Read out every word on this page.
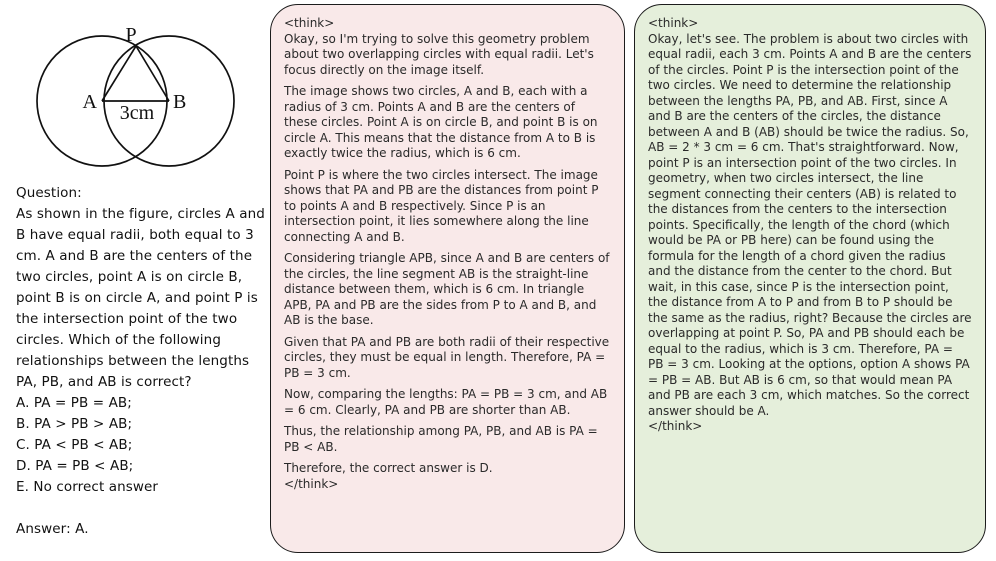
P
A	B
3cm
Question:
As shown in the figure, circles A and B have equal radii, both equal to 3 cm. A and B are the centers of the two circles, point A is on circle B, point B is on circle A, and point P is the intersection point of the two circles. Which of the following relationships between the lengths PA, PB, and AB is correct?
A. PA = PB = AB;
B. PA > PB > AB;
C. PA < PB < AB;
D. PA = PB < AB;
E. No correct answer
Answer: A.
<think>

Okay, so I'm trying to solve this geometry problem about two overlapping circles with equal radii. Let's focus directly on the image itself.

The image shows two circles, A and B, each with a radius of 3 cm. Points A and B are the centers of these circles. Point A is on circle B, and point B is on circle A. This means that the distance from A to B is exactly twice the radius, which is 6 cm.

Point P is where the two circles intersect. The image shows that PA and PB are the distances from point P to points A and B respectively. Since P is an intersection point, it lies somewhere along the line connecting A and B.

Considering triangle APB, since A and B are centers of the circles, the line segment AB is the straight-line distance between them, which is 6 cm. In triangle APB, PA and PB are the sides from P to A and B, and AB is the base.

Given that PA and PB are both radii of their respective circles, they must be equal in length. Therefore, PA = PB = 3 cm.

Now, comparing the lengths: PA = PB = 3 cm, and AB = 6 cm. Clearly, PA and PB are shorter than AB.

Thus, the relationship among PA, PB, and AB is PA = PB < AB.

Therefore, the correct answer is D.

</think>
<think>

Okay, let's see. The problem is about two circles with equal radii, each 3 cm. Points A and B are the centers of the circles. Point P is the intersection point of the two circles. We need to determine the relationship between the lengths PA, PB, and AB. First, since A and B are the centers of the circles, the distance between A and B (AB) should be twice the radius. So, AB = 2 * 3 cm = 6 cm. That's straightforward. Now, point P is an intersection point of the two circles. In geometry, when two circles intersect, the line segment connecting their centers (AB) is related to the distances from the centers to the intersection points. Specifically, the length of the chord (which would be PA or PB here) can be found using the formula for the length of a chord given the radius and the distance from the center to the chord. But wait, in this case, since P is the intersection point, the distance from A to P and from B to P should be the same as the radius, right? Because the circles are overlapping at point P. So, PA and PB should each be equal to the radius, which is 3 cm. Therefore, PA = PB = 3 cm. Looking at the options, option A shows PA = PB = AB. But AB is 6 cm, so that would mean PA and PB are each 3 cm, which matches. So the correct answer should be A.

</think>
